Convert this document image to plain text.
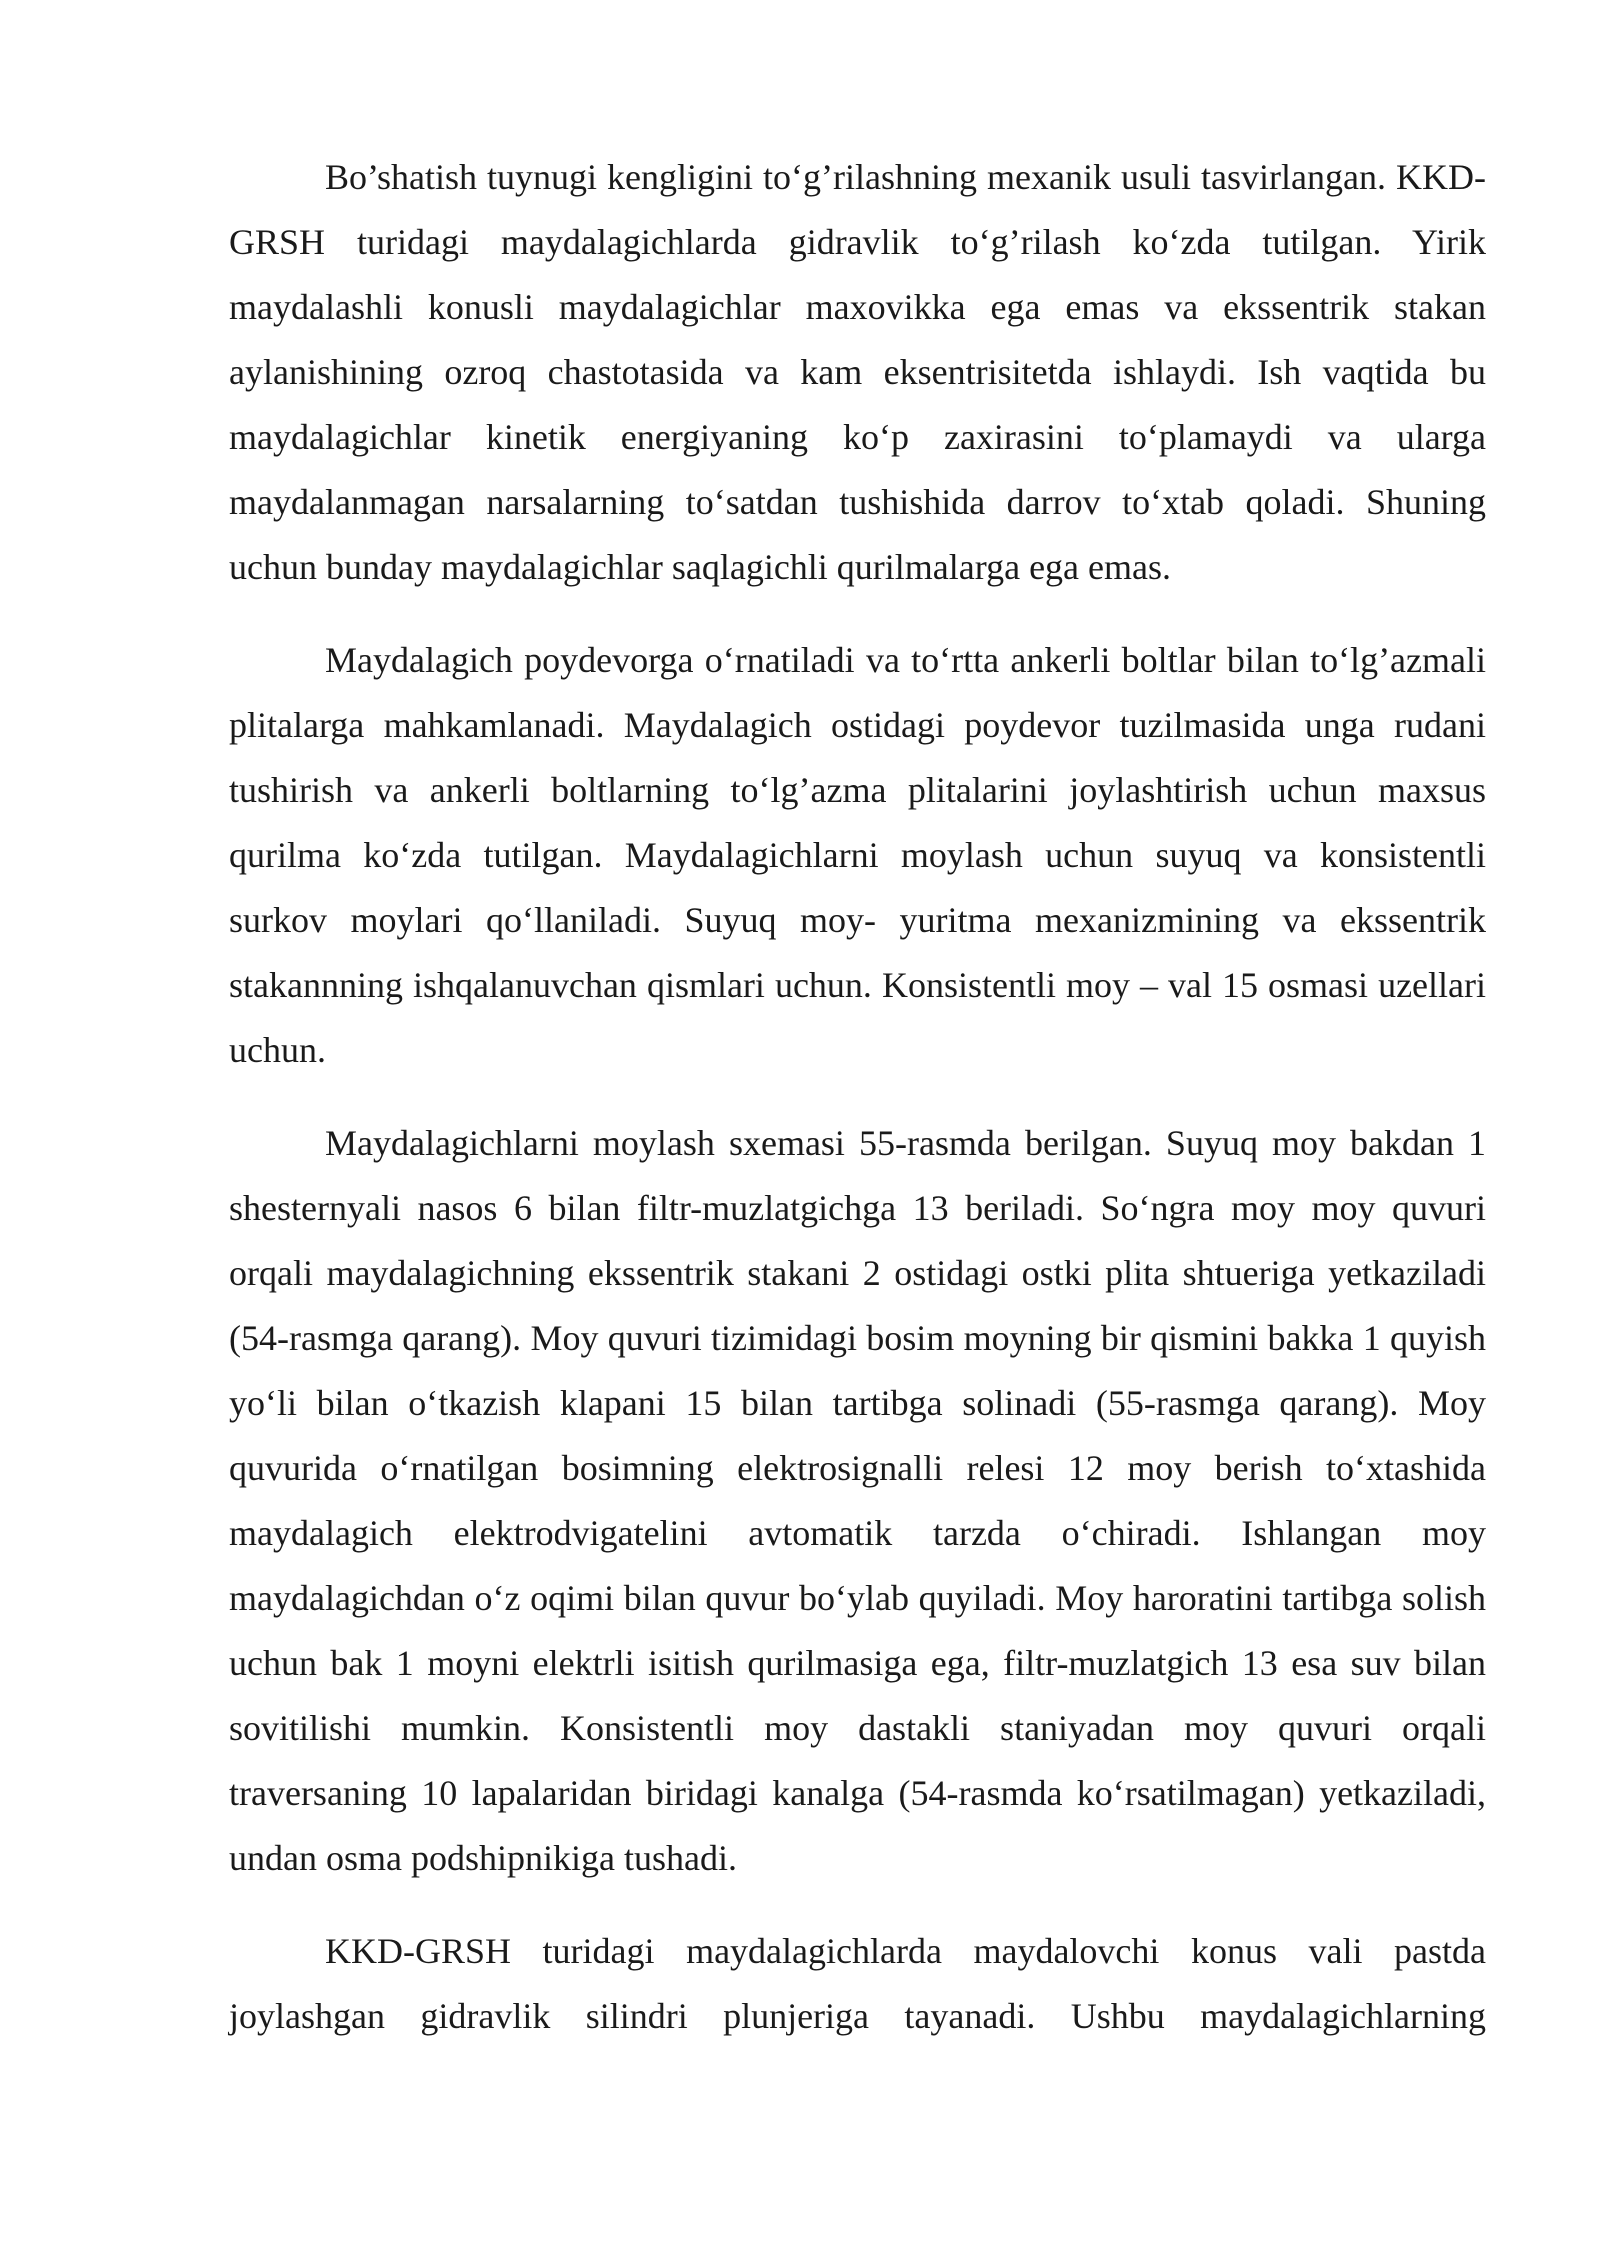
Bo’shatish tuynugi kengligini to‘g’rilashning mexanik usuli tasvirlangan. KKD-GRSH turidagi maydalagichlarda gidravlik to‘g’rilash ko‘zda tutilgan. Yirik maydalashli konusli maydalagichlar maxovikka ega emas va ekssentrik stakan aylanishining ozroq chastotasida va kam eksentrisitetda ishlaydi. Ish vaqtida bu maydalagichlar kinetik energiyaning ko‘p zaxirasini to‘plamaydi va ularga maydalanmagan narsalarning to‘satdan tushishida darrov to‘xtab qoladi. Shuning uchun bunday maydalagichlar saqlagichli qurilmalarga ega emas.

Maydalagich poydevorga o‘rnatiladi va to‘rtta ankerli boltlar bilan to‘lg’azmali plitalarga mahkamlanadi. Maydalagich ostidagi poydevor tuzilmasida unga rudani tushirish va ankerli boltlarning to‘lg’azma plitalarini joylashtirish uchun maxsus qurilma ko‘zda tutilgan. Maydalagichlarni moylash uchun suyuq va konsistentli surkov moylari qo‘llaniladi. Suyuq moy- yuritma mexanizmining va ekssentrik stakannning ishqalanuvchan qismlari uchun. Konsistentli moy – val 15 osmasi uzellari uchun.

Maydalagichlarni moylash sxemasi 55-rasmda berilgan. Suyuq moy bakdan 1 shesternyali nasos 6 bilan filtr-muzlatgichga 13 beriladi. So‘ngra moy moy quvuri orqali maydalagichning ekssentrik stakani 2 ostidagi ostki plita shtueriga yetkaziladi (54-rasmga qarang). Moy quvuri tizimidagi bosim moyning bir qismini bakka 1 quyish yo‘li bilan o‘tkazish klapani 15 bilan tartibga solinadi (55-rasmga qarang). Moy quvurida o‘rnatilgan bosimning elektrosignalli relesi 12 moy berish to‘xtashida maydalagich elektrodvigatelini avtomatik tarzda o‘chiradi. Ishlangan moy maydalagichdan o‘z oqimi bilan quvur bo‘ylab quyiladi. Moy haroratini tartibga solish uchun bak 1 moyni elektrli isitish qurilmasiga ega, filtr-muzlatgich 13 esa suv bilan sovitilishi mumkin. Konsistentli moy dastakli staniyadan moy quvuri orqali traversaning 10 lapalaridan biridagi kanalga (54-rasmda ko‘rsatilmagan) yetkaziladi, undan osma podshipnikiga tushadi.

KKD-GRSH turidagi maydalagichlarda maydalovchi konus vali pastda joylashgan gidravlik silindri plunjeriga tayanadi. Ushbu maydalagichlarning
